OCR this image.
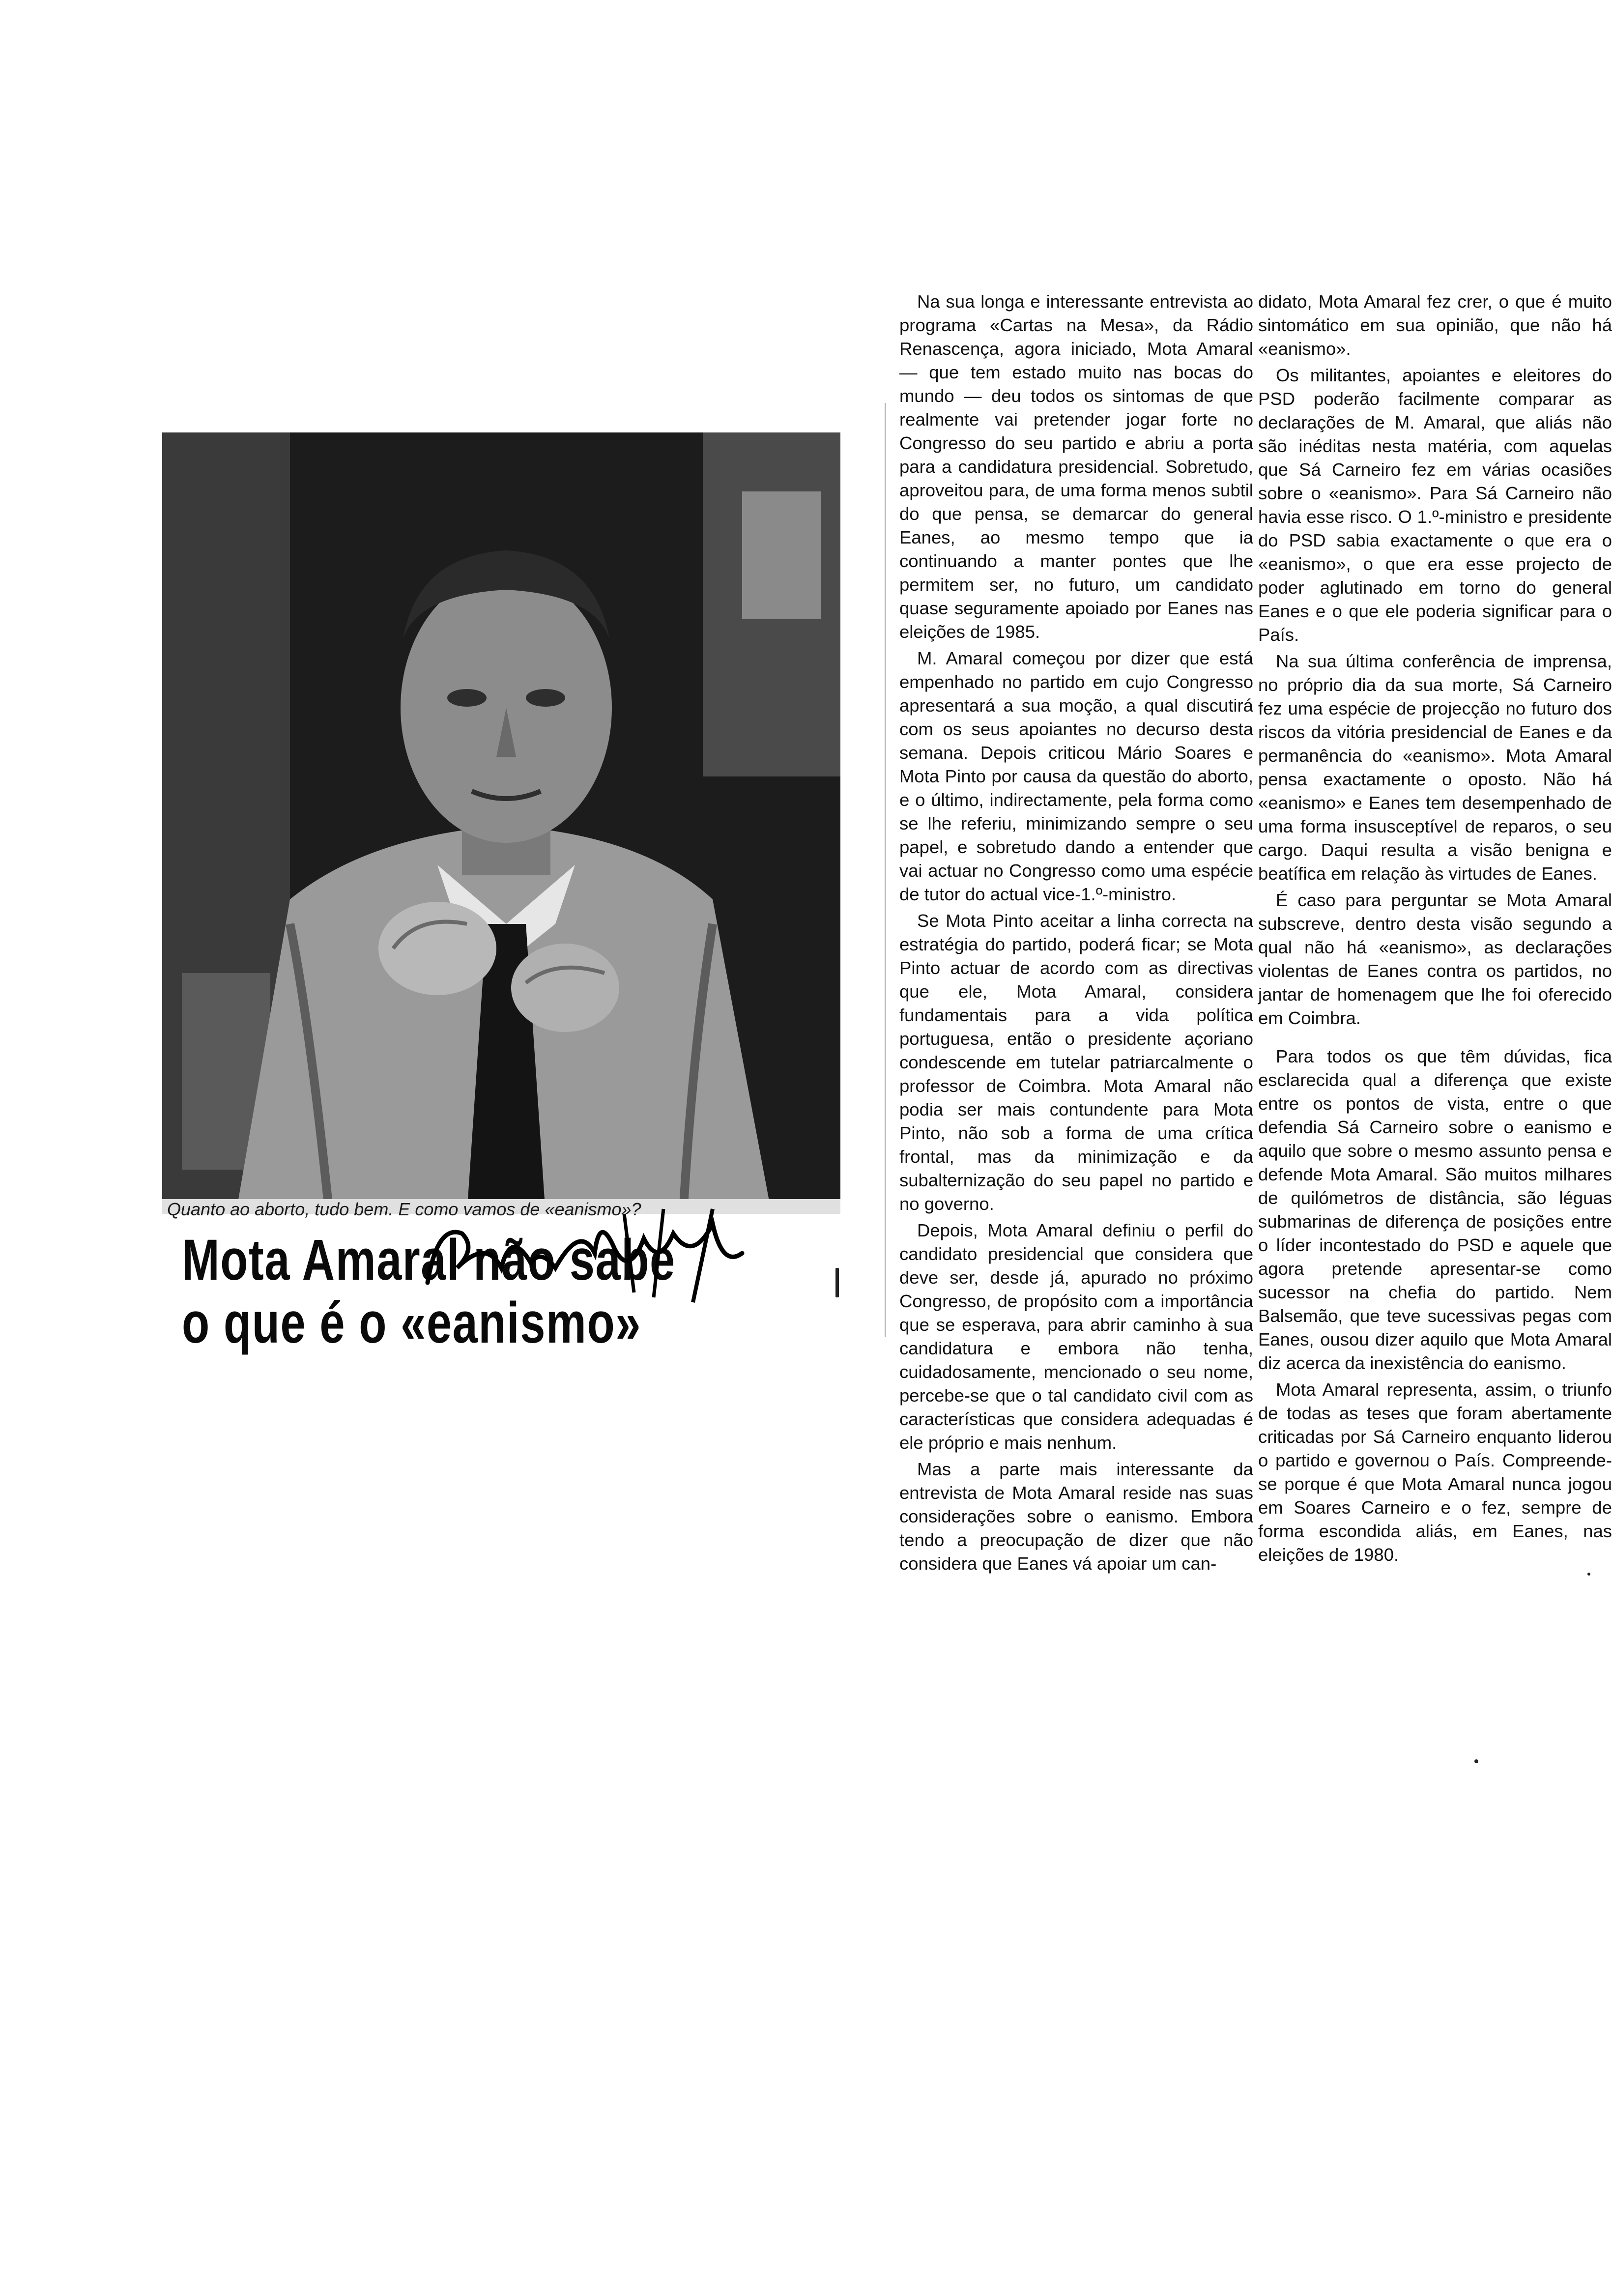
Quanto ao aborto, tudo bem. E como vamos de «eanismo»?
Mota Amaral não sabe
o que é o «eanismo»

Na sua longa e interessante entrevista ao programa «Cartas na Mesa», da Rádio Renascença, agora iniciado, Mota Amaral — que tem estado muito nas bocas do mundo — deu todos os sintomas de que realmente vai pretender jogar forte no Congresso do seu partido e abriu a porta para a candidatura presidencial. Sobretudo, aproveitou para, de uma forma menos subtil do que pensa, se demarcar do general Eanes, ao mesmo tempo que ia continuando a manter pontes que lhe permitem ser, no futuro, um candidato quase seguramente apoiado por Eanes nas eleições de 1985.

M. Amaral começou por dizer que está empenhado no partido em cujo Congresso apresentará a sua moção, a qual discutirá com os seus apoiantes no decurso desta semana. Depois criticou Mário Soares e Mota Pinto por causa da questão do aborto, e o último, indirectamente, pela forma como se lhe referiu, minimizando sempre o seu papel, e sobretudo dando a entender que vai actuar no Congresso como uma espécie de tutor do actual vice-1.º-ministro.

Se Mota Pinto aceitar a linha correcta na estratégia do partido, poderá ficar; se Mota Pinto actuar de acordo com as directivas que ele, Mota Amaral, considera fundamentais para a vida política portuguesa, então o presidente açoriano condescende em tutelar patriarcalmente o professor de Coimbra. Mota Amaral não podia ser mais contundente para Mota Pinto, não sob a forma de uma crítica frontal, mas da minimização e da subalternização do seu papel no partido e no governo.

Depois, Mota Amaral definiu o perfil do candidato presidencial que considera que deve ser, desde já, apurado no próximo Congresso, de propósito com a importância que se esperava, para abrir caminho à sua candidatura e embora não tenha, cuidadosamente, mencionado o seu nome, percebe-se que o tal candidato civil com as características que considera adequadas é ele próprio e mais nenhum.

Mas a parte mais interessante da entrevista de Mota Amaral reside nas suas considerações sobre o eanismo. Embora tendo a preocupação de dizer que não considera que Eanes vá apoiar um can-

didato, Mota Amaral fez crer, o que é muito sintomático em sua opinião, que não há «eanismo».

Os militantes, apoiantes e eleitores do PSD poderão facilmente comparar as declarações de M. Amaral, que aliás não são inéditas nesta matéria, com aquelas que Sá Carneiro fez em várias ocasiões sobre o «eanismo». Para Sá Carneiro não havia esse risco. O 1.º-ministro e presidente do PSD sabia exactamente o que era o «eanismo», o que era esse projecto de poder aglutinado em torno do general Eanes e o que ele poderia significar para o País.

Na sua última conferência de imprensa, no próprio dia da sua morte, Sá Carneiro fez uma espécie de projecção no futuro dos riscos da vitória presidencial de Eanes e da permanência do «eanismo». Mota Amaral pensa exactamente o oposto. Não há «eanismo» e Eanes tem desempenhado de uma forma insusceptível de reparos, o seu cargo. Daqui resulta a visão benigna e beatífica em relação às virtudes de Eanes.

É caso para perguntar se Mota Amaral subscreve, dentro desta visão segundo a qual não há «eanismo», as declarações violentas de Eanes contra os partidos, no jantar de homenagem que lhe foi oferecido em Coimbra.

Para todos os que têm dúvidas, fica esclarecida qual a diferença que existe entre os pontos de vista, entre o que defendia Sá Carneiro sobre o eanismo e aquilo que sobre o mesmo assunto pensa e defende Mota Amaral. São muitos milhares de quilómetros de distância, são léguas submarinas de diferença de posições entre o líder incontestado do PSD e aquele que agora pretende apresentar-se como sucessor na chefia do partido. Nem Balsemão, que teve sucessivas pegas com Eanes, ousou dizer aquilo que Mota Amaral diz acerca da inexistência do eanismo.

Mota Amaral representa, assim, o triunfo de todas as teses que foram abertamente criticadas por Sá Carneiro enquanto liderou o partido e governou o País. Compreende-se porque é que Mota Amaral nunca jogou em Soares Carneiro e o fez, sempre de forma escondida aliás, em Eanes, nas eleições de 1980.
